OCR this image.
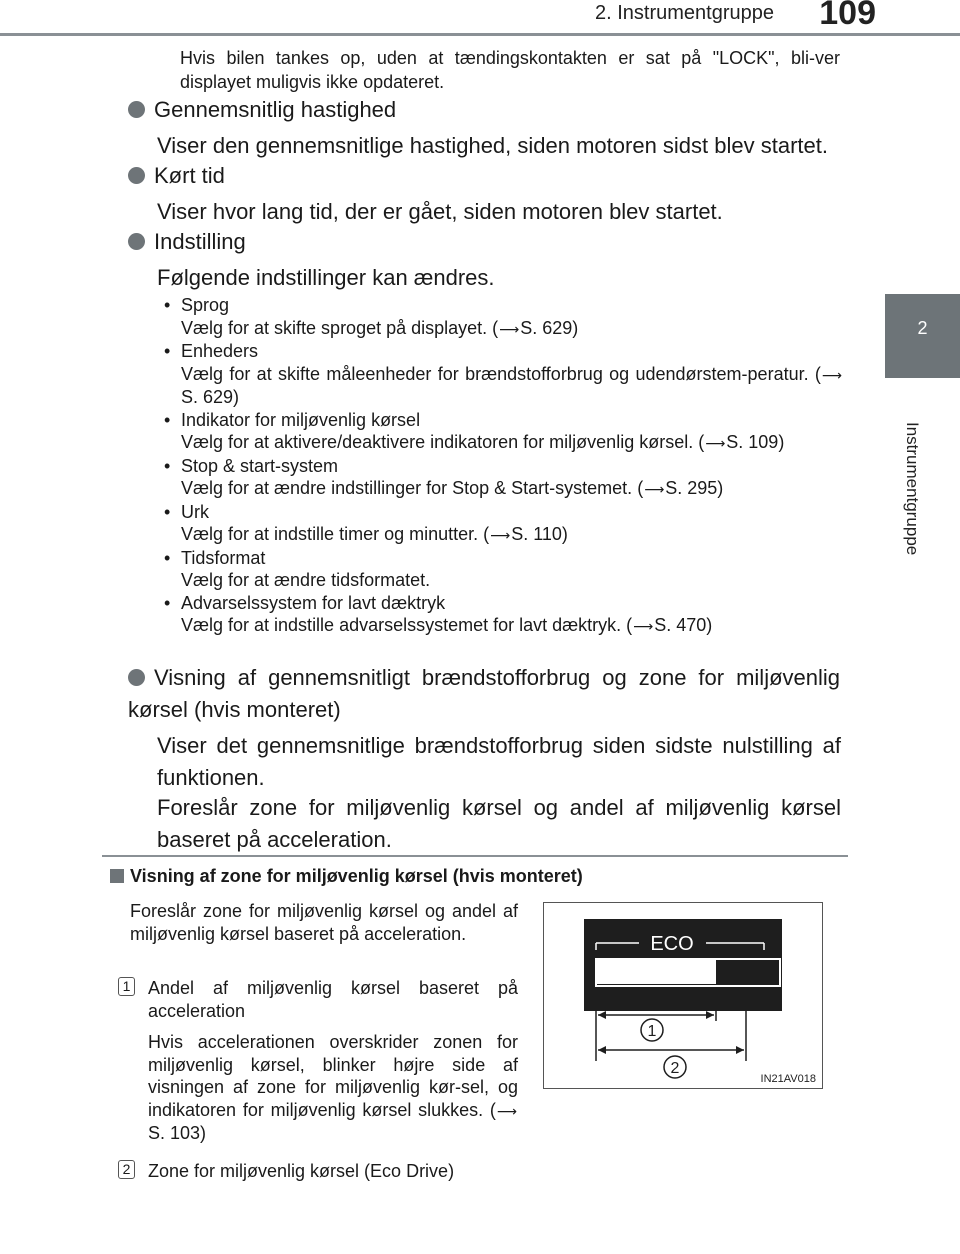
2. Instrumentgruppe 109
2
Instrumentgruppe
Hvis bilen tankes op, uden at tændingskontakten er sat på "LOCK", bli-ver displayet muligvis ikke opdateret.
Gennemsnitlig hastighed
Viser den gennemsnitlige hastighed, siden motoren sidst blev startet.
Kørt tid
Viser hvor lang tid, der er gået, siden motoren blev startet.
Indstilling
Følgende indstillinger kan ændres.
• Sprog
Vælg for at skifte sproget på displayet. (⟶S. 629)
• Enheders
Vælg for at skifte måleenheder for brændstofforbrug og udendørstem-peratur. (⟶S. 629)
• Indikator for miljøvenlig kørsel
Vælg for at aktivere/deaktivere indikatoren for miljøvenlig kørsel. (⟶S. 109)
• Stop & start-system
Vælg for at ændre indstillinger for Stop & Start-systemet. (⟶S. 295)
• Urk
Vælg for at indstille timer og minutter. (⟶S. 110)
• Tidsformat
Vælg for at ændre tidsformatet.
• Advarselssystem for lavt dæktryk
Vælg for at indstille advarselssystemet for lavt dæktryk. (⟶S. 470)
Visning af gennemsnitligt brændstofforbrug og zone for miljøvenlig kørsel (hvis monteret)
Viser det gennemsnitlige brændstofforbrug siden sidste nulstilling af funktionen.
Foreslår zone for miljøvenlig kørsel og andel af miljøvenlig kørsel baseret på acceleration.
Visning af zone for miljøvenlig kørsel (hvis monteret)
Foreslår zone for miljøvenlig kørsel og andel af miljøvenlig kørsel baseret på acceleration.
1 Andel af miljøvenlig kørsel baseret på acceleration
Hvis accelerationen overskrider zonen for miljøvenlig kørsel, blinker højre side af visningen af zone for miljøvenlig kør-sel, og indikatoren for miljøvenlig kørsel slukkes. (⟶S. 103)
2 Zone for miljøvenlig kørsel (Eco Drive)
ECO
1
2
IN21AV018
